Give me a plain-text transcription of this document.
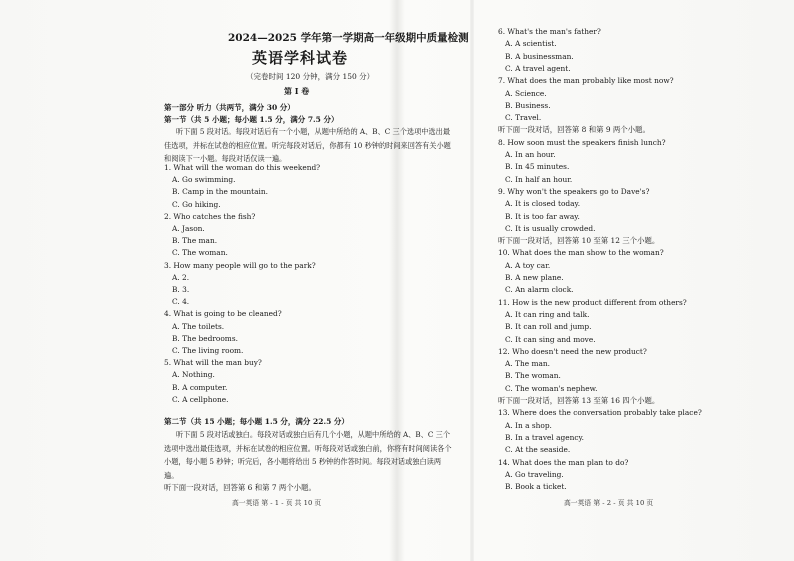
2024—2025 学年第一学期高一年级期中质量检测
英语学科试卷
（完卷时间 120 分钟，满分 150 分）
第 I 卷
第一部分 听力（共两节，满分 30 分）
第一节（共 5 小题；每小题 1.5 分，满分 7.5 分）
听下面 5 段对话。每段对话后有一个小题，从题中所给的 A、B、C 三个选项中选出最佳选项，并标在试卷的相应位置。听完每段对话后，你都有 10 秒钟的时间来回答有关小题和阅读下一小题。每段对话仅读一遍。
1. What will the woman do this weekend?
A. Go swimming.
B. Camp in the mountain.
C. Go hiking.
2. Who catches the fish?
A. Jason.
B. The man.
C. The woman.
3. How many people will go to the park?
A. 2.
B. 3.
C. 4.
4. What is going to be cleaned?
A. The toilets.
B. The bedrooms.
C. The living room.
5. What will the man buy?
A. Nothing.
B. A computer.
C. A cellphone.
第二节（共 15 小题；每小题 1.5 分，满分 22.5 分）
听下面 5 段对话或独白。每段对话或独白后有几个小题，从题中所给的 A、B、C 三个选项中选出最佳选项，并标在试卷的相应位置。听每段对话或独白前，你将有时间阅读各个小题，每小题 5 秒钟；听完后，各小题将给出 5 秒钟的作答时间。每段对话或独白读两遍。
听下面一段对话，回答第 6 和第 7 两个小题。
高一英语 第 - 1 - 页 共 10 页
6. What's the man's father?
A. A scientist.
B. A businessman.
C. A travel agent.
7. What does the man probably like most now?
A. Science.
B. Business.
C. Travel.
听下面一段对话，回答第 8 和第 9 两个小题。
8. How soon must the speakers finish lunch?
A. In an hour.
B. In 45 minutes.
C. In half an hour.
9. Why won't the speakers go to Dave's?
A. It is closed today.
B. It is too far away.
C. It is usually crowded.
听下面一段对话，回答第 10 至第 12 三个小题。
10. What does the man show to the woman?
A. A toy car.
B. A new plane.
C. An alarm clock.
11. How is the new product different from others?
A. It can ring and talk.
B. It can roll and jump.
C. It can sing and move.
12. Who doesn't need the new product?
A. The man.
B. The woman.
C. The woman's nephew.
听下面一段对话，回答第 13 至第 16 四个小题。
13. Where does the conversation probably take place?
A. In a shop.
B. In a travel agency.
C. At the seaside.
14. What does the man plan to do?
A. Go traveling.
B. Book a ticket.
高一英语 第 - 2 - 页 共 10 页
